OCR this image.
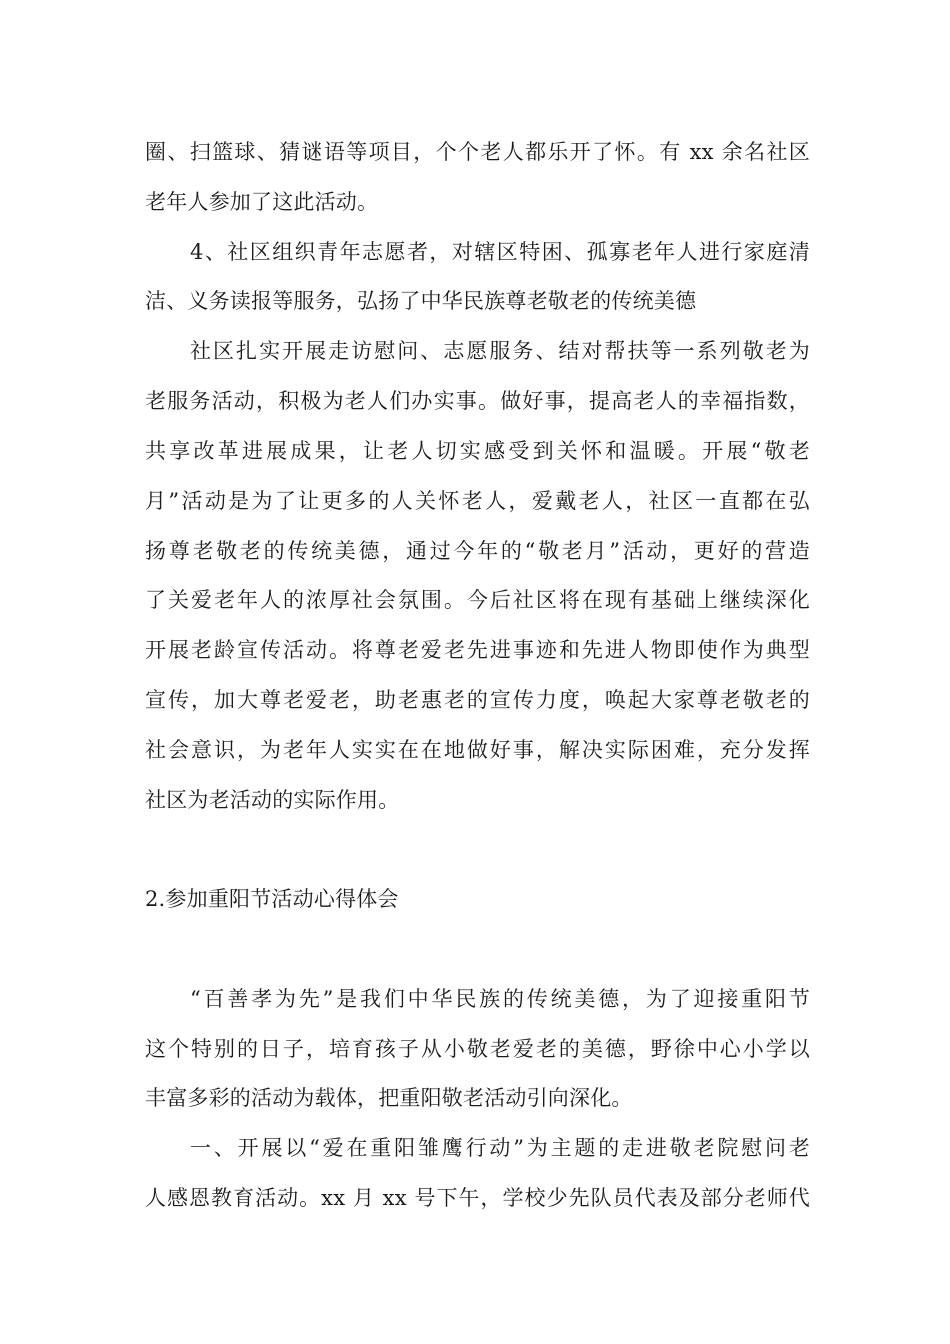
圈、扫篮球、猜谜语等项目，个个老人都乐开了怀。有 xx 余名社区
老年人参加了这此活动。
4、社区组织青年志愿者，对辖区特困、孤寡老年人进行家庭清
洁、义务读报等服务，弘扬了中华民族尊老敬老的传统美德
社区扎实开展走访慰问、志愿服务、结对帮扶等一系列敬老为
老服务活动，积极为老人们办实事。做好事，提高老人的幸福指数，
共享改革进展成果，让老人切实感受到关怀和温暖。开展“敬老
月”活动是为了让更多的人关怀老人，爱戴老人，社区一直都在弘
扬尊老敬老的传统美德，通过今年的“敬老月”活动，更好的营造
了关爱老年人的浓厚社会氛围。今后社区将在现有基础上继续深化
开展老龄宣传活动。将尊老爱老先进事迹和先进人物即使作为典型
宣传，加大尊老爱老，助老惠老的宣传力度，唤起大家尊老敬老的
社会意识，为老年人实实在在地做好事，解决实际困难，充分发挥
社区为老活动的实际作用。
2.参加重阳节活动心得体会
“百善孝为先”是我们中华民族的传统美德，为了迎接重阳节
这个特别的日子，培育孩子从小敬老爱老的美德，野徐中心小学以
丰富多彩的活动为载体，把重阳敬老活动引向深化。
一、开展以“爱在重阳雏鹰行动”为主题的走进敬老院慰问老
人感恩教育活动。xx 月 xx 号下午，学校少先队员代表及部分老师代
